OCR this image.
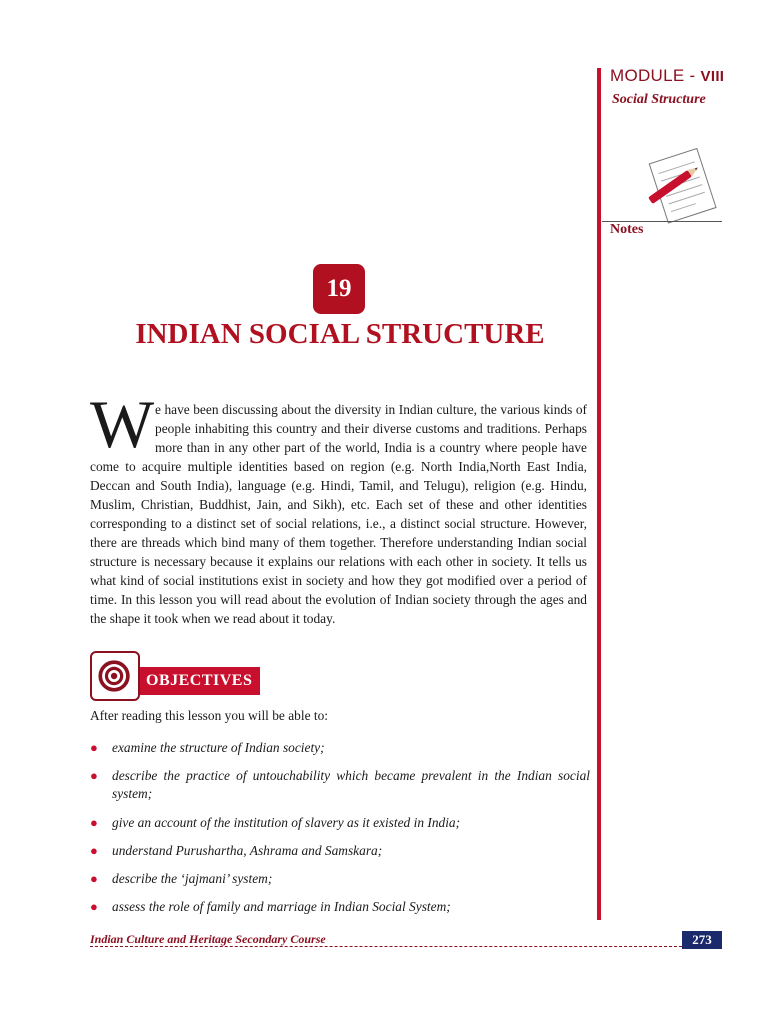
MODULE - VIII
Social Structure
Notes
19
INDIAN SOCIAL STRUCTURE
W e have been discussing about the diversity in Indian culture, the various kinds of
people inhabiting this country and their diverse customs and traditions. Perhaps
more than in any other part of the world, India is a country where people have
come to acquire multiple identities based on region (e.g. North India,North East India,
Deccan and South India), language (e.g. Hindi, Tamil, and Telugu), religion (e.g. Hindu,
Muslim, Christian, Buddhist, Jain, and Sikh), etc. Each set of these and other identities
corresponding to a distinct set of social relations, i.e., a distinct social structure. However,
there are threads which bind many of them together. Therefore understanding Indian social
structure is necessary because it explains our relations with each other in society. It tells us
what kind of social institutions exist in society and how they got modified over a period of
time. In this lesson you will read about the evolution of Indian society through the ages and
the shape it took when we read about it today.
OBJECTIVES
After reading this lesson you will be able to:
● examine the structure of Indian society;
● describe the practice of untouchability which became prevalent in the Indian social system;
● give an account of the institution of slavery as it existed in India;
● understand Purushartha, Ashrama and Samskara;
● describe the ‘jajmani’ system;
● assess the role of family and marriage in Indian Social System;
Indian Culture and Heritage Secondary Course	273
